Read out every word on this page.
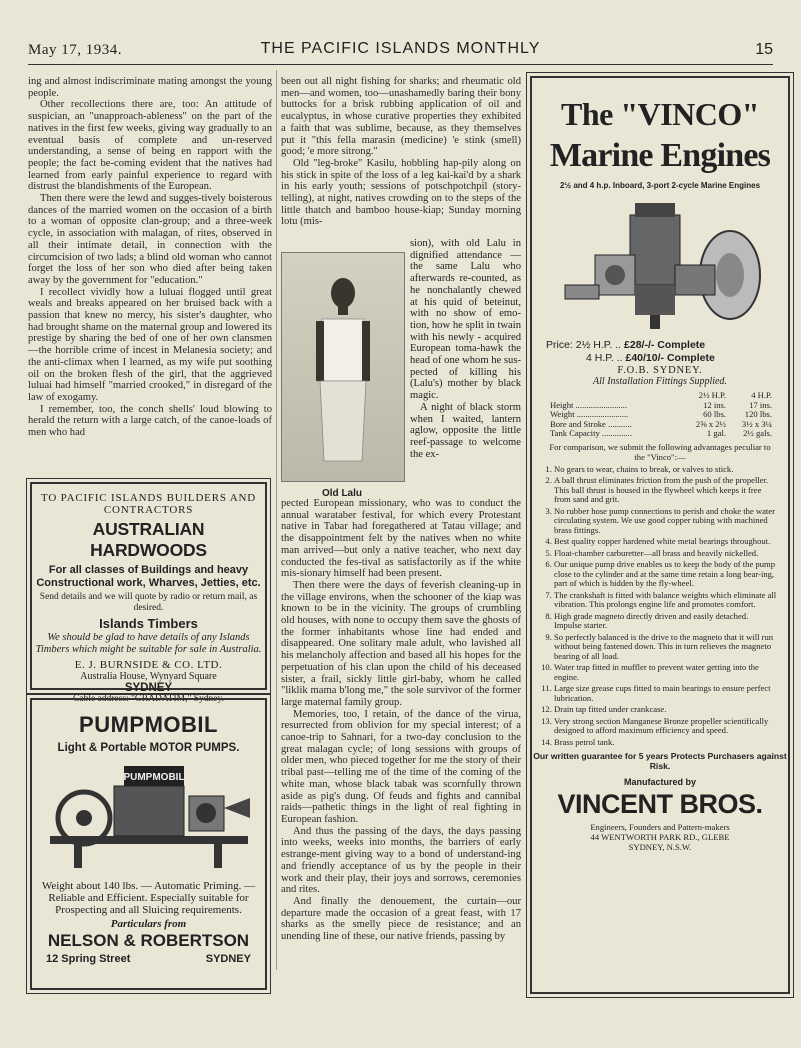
May 17, 1934.	THE PACIFIC ISLANDS MONTHLY	15

ing and almost indiscriminate mating amongst the young people.

Other recollections there are, too: An attitude of suspician, an "unapproach-ableness" on the part of the natives in the first few weeks, giving way gradually to an eventual basis of complete and un-reserved understanding, a sense of being en rapport with the people; the fact be-coming evident that the natives had learned from early painful experience to regard with distrust the blandishments of the European.

Then there were the lewd and sugges-tively boisterous dances of the married women on the occasion of a birth to a woman of opposite clan-group; and a three-week cycle, in association with malagan, of rites, observed in all their intimate detail, in connection with the circumcision of two lads; a blind old woman who cannot forget the loss of her son who died after being taken away by the government for "education."

I recollect vividly how a luluai flogged until great weals and breaks appeared on her bruised back with a passion that knew no mercy, his sister's daughter, who had brought shame on the maternal group and lowered its prestige by sharing the bed of one of her own clansmen—the horrible crime of incest in Melanesia society; and the anti-climax when I learned, as my wife put soothing oil on the broken flesh of the girl, that the aggrieved luluai had himself "married crooked," in disregard of the law of exogamy.

I remember, too, the conch shells' loud blowing to herald the return with a large catch, of the canoe-loads of men who had

been out all night fishing for sharks; and rheumatic old men—and women, too—unashamedly baring their bony buttocks for a brisk rubbing application of oil and eucalyptus, in whose curative properties they exhibited a faith that was sublime, because, as they themselves put it "this fella marasin (medicine) 'e stink (smell) good; 'e more sitrong."

Old "leg-broke" Kasilu, hobbling hap-pily along on his stick in spite of the loss of a leg kai-kai'd by a shark in his early youth; sessions of potschpotchpil (story-telling), at night, natives crowding on to the steps of the little thatch and bamboo house-kiap; Sunday morning lotu (mis-

Old Lalu

sion), with old Lalu in dignified attendance — the same Lalu who afterwards re-counted, as he nonchalantly chewed at his quid of beteinut, with no show of emo-tion, how he split in twain with his newly - acquired European toma-hawk the head of one whom he sus-pected of killing his (Lalu's) mother by black magic.

A night of black storm when I waited, lantern aglow, opposite the little reef-passage to welcome the ex-

pected European missionary, who was to conduct the annual warataber festival, for which every Protestant native in Tabar had foregathered at Tatau village; and the disappointment felt by the natives when no white man arrived—but only a native teacher, who next day conducted the fes-tival as satisfactorily as if the white mis-sionary himself had been present.

Then there were the days of feverish cleaning-up in the village environs, when the schooner of the kiap was known to be in the vicinity. The groups of crumbling old houses, with none to occupy them save the ghosts of the former inhabitants whose line had ended and disappeared. One solitary male adult, who lavished all his melancholy affection and based all his hopes for the perpetuation of his clan upon the child of his deceased sister, a frail, sickly little girl-baby, whom he called "liklik mama b'long me," the sole survivor of the former large maternal family group.

Memories, too, I retain, of the dance of the virua, resurrected from oblivion for my special interest; of a canoe-trip to Sahnari, for a two-day conclusion to the great malagan cycle; of long sessions with groups of older men, who pieced together for me the story of their tribal past—telling me of the time of the coming of the white man, whose black tabak was scornfully thrown aside as pig's dung. Of feuds and fights and cannibal raids—pathetic things in the light of real fighting in European fashion.

And thus the passing of the days, the days passing into weeks, weeks into months, the barriers of early estrange-ment giving way to a bond of understand-ing and friendly acceptance of us by the people in their work and their play, their joys and sorrows, ceremonies and rites.

And finally the denouement, the curtain—our departure made the occasion of a great feast, with 17 sharks as the smelly piece de resistance; and an unending line of these, our native friends, passing by

TO PACIFIC ISLANDS BUILDERS AND CONTRACTORS
AUSTRALIAN HARDWOODS
For all classes of Buildings and heavy Constructional work, Wharves, Jetties, etc.
Send details and we will quote by radio or return mail, as desired.
Islands Timbers
We should be glad to have details of any Islands Timbers which might be suitable for sale in Australia.
E. J. BURNSIDE & CO. LTD.
Australia House, Wynyard Square
SYDNEY
Cable address: "GRADATIM," Sydney.
PUMPMOBIL
Light & Portable MOTOR PUMPS.
PUMPMOBIL
Weight about 140 lbs. — Automatic Priming. — Reliable and Efficient. Especially suitable for Prospecting and all Sluicing requirements.
Particulars from
NELSON & ROBERTSON
12 Spring Street	SYDNEY
The "VINCO"
Marine Engines
2½ and 4 h.p. Inboard, 3-port 2-cycle Marine Engines
Price: 2½ H.P. .. £28/-/- Complete
4 H.P. .. £40/10/- Complete
F.O.B. SYDNEY.
All Installation Fittings Supplied.
2½ H.P.	4 H.P.
Height ........................	12 ins.	17 ins.
Weight ........................	60 lbs.	120 lbs.
Bore and Stroke ...........	2⅝ x 2½	3½ x 3¼
Tank Capacity ..............	1 gal.	2½ gals.
For comparison, we submit the following advantages peculiar to the "Vinco":—
1. No gears to wear, chains to break, or valves to stick.
2. A ball thrust eliminates friction from the push of the propeller. This ball thrust is housed in the flywheel which keeps it free from sand and grit.
3. No rubber hose pump connections to perish and choke the water circulating system. We use good copper tubing with machined brass fittings.
4. Best quality copper hardened white metal bearings throughout.
5. Float-chamber carburetter—all brass and heavily nickelled.
6. Our unique pump drive enables us to keep the body of the pump close to the cylinder and at the same time retain a long bear-ing, part of which is hidden by the fly-wheel.
7. The crankshaft is fitted with balance weights which eliminate all vibration. This prolongs engine life and promotes comfort.
8. High grade magneto directly driven and easily detached. Impulse starter.
9. So perfectly balanced is the drive to the magneto that it will run without being fastened down. This in turn relieves the magneto bearing of all load.
10. Water trap fitted in muffler to prevent water getting into the engine.
11. Large size grease cups fitted to main bearings to ensure perfect lubrication.
12. Drain tap fitted under crankcase.
13. Very strong section Manganese Bronze propeller scientifically designed to afford maximum efficiency and speed.
14. Brass petrol tank.
Our written guarantee for 5 years Protects Purchasers against Risk.
Manufactured by
VINCENT BROS.
Engineers, Founders and Pattern-makers
44 WENTWORTH PARK RD., GLEBE
SYDNEY, N.S.W.
